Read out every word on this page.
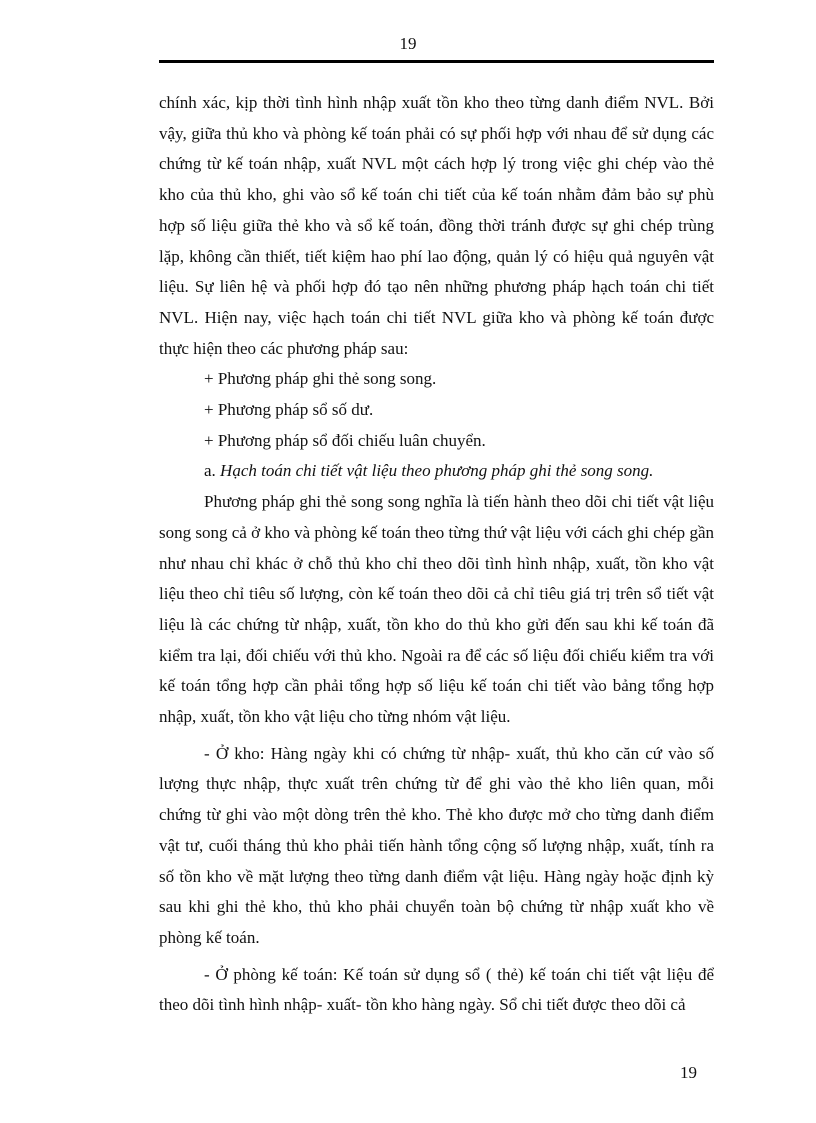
19

chính xác, kịp thời tình hình nhập xuất tồn kho theo từng danh điểm NVL. Bởi vậy, giữa thủ kho và phòng kế toán phải có sự phối hợp với nhau để sử dụng các chứng từ kế toán nhập, xuất NVL một cách hợp lý trong việc ghi chép vào thẻ kho của thủ kho, ghi vào sổ kế toán chi tiết của kế toán nhằm đảm bảo sự phù hợp số liệu giữa thẻ kho và sổ kế toán, đồng thời tránh được sự ghi chép trùng lặp, không cần thiết, tiết kiệm hao phí lao động, quản lý có hiệu quả nguyên vật liệu. Sự liên hệ và phối hợp đó tạo nên những phương pháp hạch toán chi tiết NVL. Hiện nay, việc hạch toán chi tiết NVL giữa kho và phòng kế toán được thực hiện theo các phương pháp sau:

+ Phương pháp ghi thẻ song song.

+ Phương pháp sổ số dư.

+ Phương pháp sổ đối chiếu luân chuyển.

a. Hạch toán chi tiết vật liệu theo phương pháp ghi thẻ song song.

Phương pháp ghi thẻ song song nghĩa là tiến hành theo dõi chi tiết vật liệu song song cả ở kho và phòng kế toán theo từng thứ vật liệu với cách ghi chép gần như nhau chỉ khác ở chỗ thủ kho chỉ theo dõi tình hình nhập, xuất, tồn kho vật liệu theo chỉ tiêu số lượng, còn kế toán theo dõi cả chỉ tiêu giá trị trên sổ tiết vật liệu là các chứng từ nhập, xuất, tồn kho do thủ kho gửi đến sau khi kế toán đã kiểm tra lại, đối chiếu với thủ kho. Ngoài ra để các số liệu đối chiếu kiểm tra với kế toán tổng hợp cần phải tổng hợp số liệu kế toán chi tiết vào bảng tổng hợp nhập, xuất, tồn kho vật liệu cho từng nhóm vật liệu.

- Ở kho: Hàng ngày khi có chứng từ nhập- xuất, thủ kho căn cứ vào số lượng thực nhập, thực xuất trên chứng từ để ghi vào thẻ kho liên quan, mỗi chứng từ ghi vào một dòng trên thẻ kho. Thẻ kho được mở cho từng danh điểm vật tư, cuối tháng thủ kho phải tiến hành tổng cộng số lượng nhập, xuất, tính ra số tồn kho về mặt lượng theo từng danh điểm vật liệu. Hàng ngày hoặc định kỳ sau khi ghi thẻ kho, thủ kho phải chuyển toàn bộ chứng từ nhập xuất kho về phòng kế toán.

- Ở phòng kế toán: Kế toán sử dụng sổ ( thẻ) kế toán chi tiết vật liệu để theo dõi tình hình nhập- xuất- tồn kho hàng ngày. Sổ chi tiết được theo dõi cả

19
